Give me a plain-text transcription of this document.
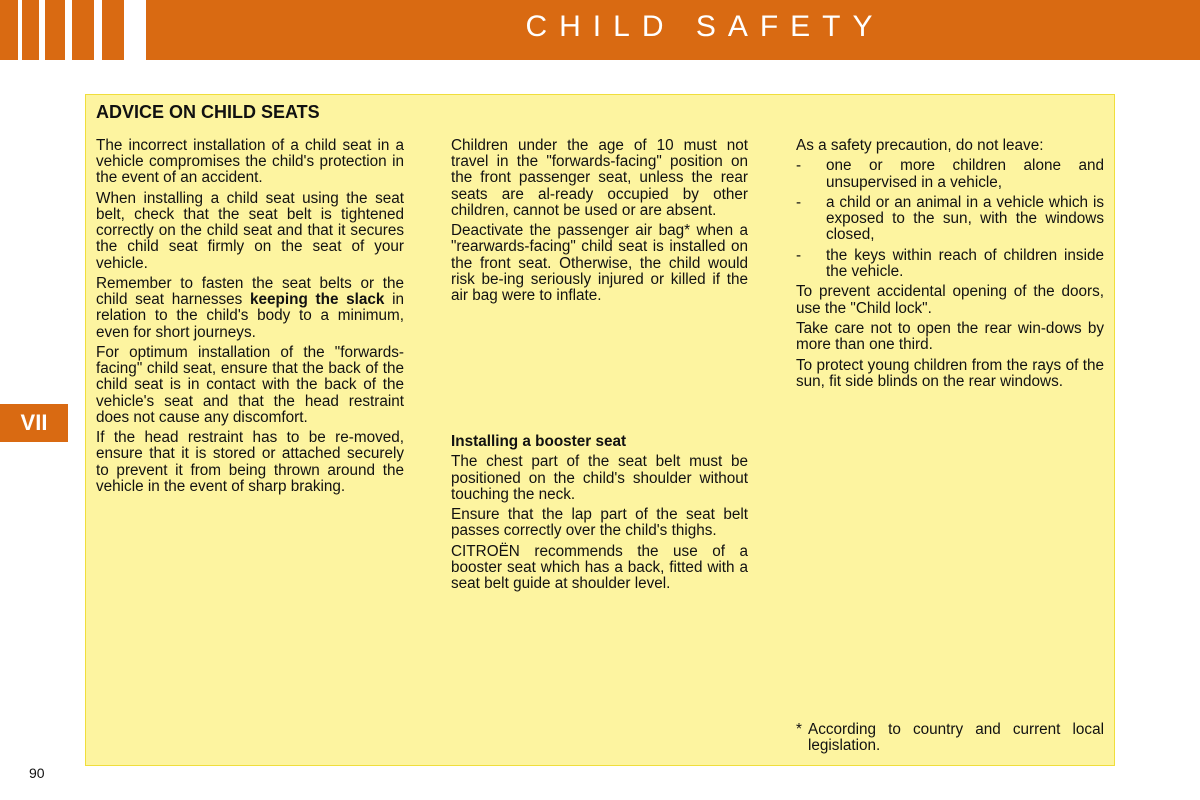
CHILD SAFETY
VII
90
ADVICE ON CHILD SEATS

The incorrect installation of a child seat in a vehicle compromises the child's protection in the event of an accident.

When installing a child seat using the seat belt, check that the seat belt is tightened correctly on the child seat and that it secures the child seat firmly on the seat of your vehicle.

Remember to fasten the seat belts or the child seat harnesses keeping the slack in relation to the child's body to a minimum, even for short journeys.

For optimum installation of the "forwards-facing" child seat, ensure that the back of the child seat is in contact with the back of the vehicle's seat and that the head restraint does not cause any discomfort.

If the head restraint has to be re-moved, ensure that it is stored or attached securely to prevent it from being thrown around the vehicle in the event of sharp braking.

Children under the age of 10 must not travel in the "forwards-facing" position on the front passenger seat, unless the rear seats are al-ready occupied by other children, cannot be used or are absent.

Deactivate the passenger air bag* when a "rearwards-facing" child seat is installed on the front seat. Otherwise, the child would risk be-ing seriously injured or killed if the air bag were to inflate.

Installing a booster seat

The chest part of the seat belt must be positioned on the child's shoulder without touching the neck.

Ensure that the lap part of the seat belt passes correctly over the child's thighs.

CITROËN recommends the use of a booster seat which has a back, fitted with a seat belt guide at shoulder level.

As a safety precaution, do not leave:

-	one or more children alone and unsupervised in a vehicle,
-	a child or an animal in a vehicle which is exposed to the sun, with the windows closed,
-	the keys within reach of children inside the vehicle.

To prevent accidental opening of the doors, use the "Child lock".

Take care not to open the rear win-dows by more than one third.

To protect young children from the rays of the sun, fit side blinds on the rear windows.

* According to country and current local legislation.
